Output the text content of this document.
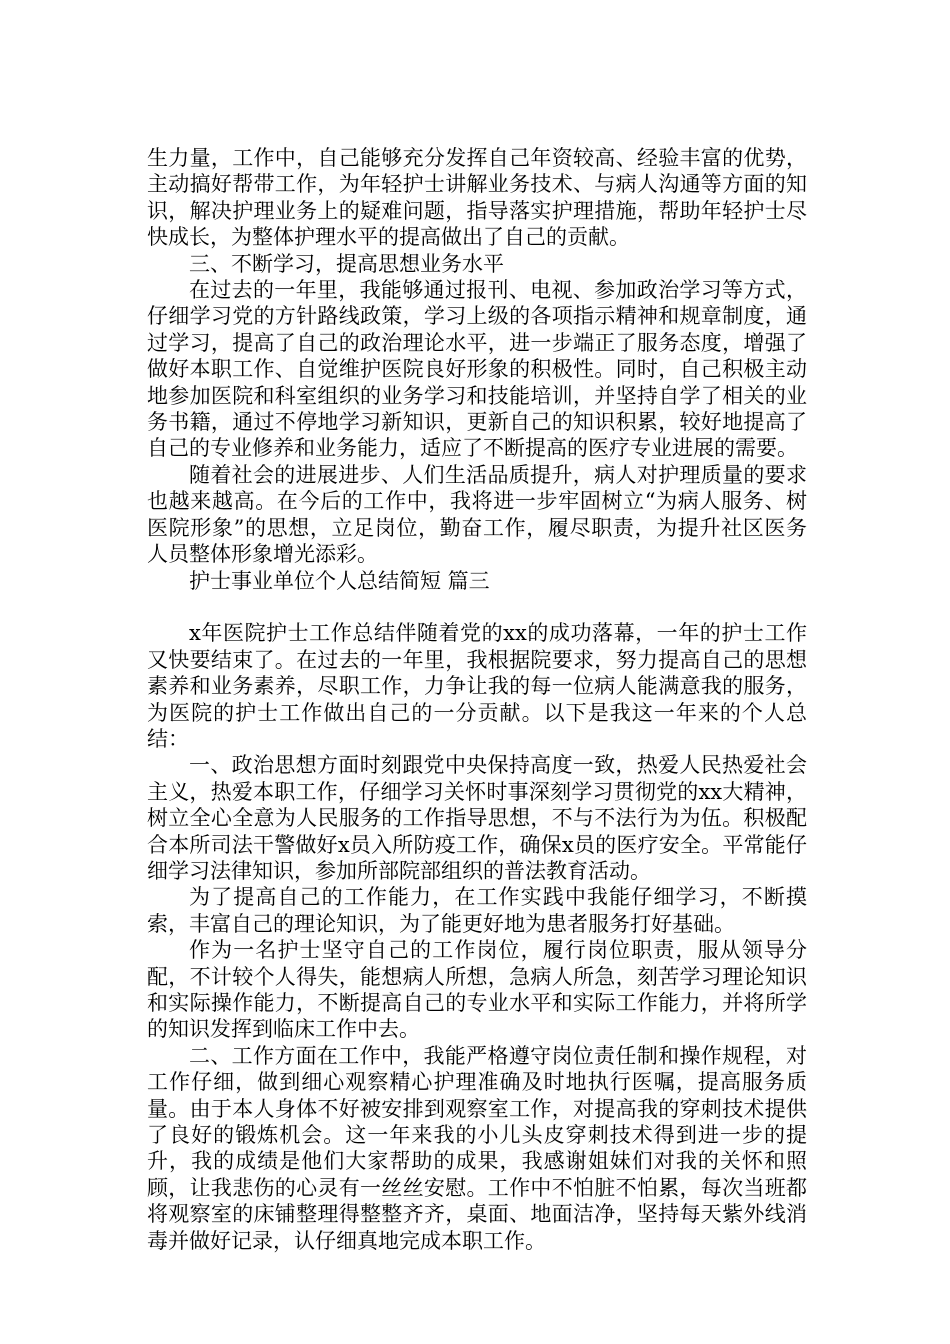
生力量，工作中，自己能够充分发挥自己年资较高、经验丰富的优势，主动搞好帮带工作，为年轻护士讲解业务技术、与病人沟通等方面的知识，解决护理业务上的疑难问题，指导落实护理措施，帮助年轻护士尽快成长，为整体护理水平的提高做出了自己的贡献。

三、不断学习，提高思想业务水平

在过去的一年里，我能够通过报刊、电视、参加政治学习等方式，仔细学习党的方针路线政策，学习上级的各项指示精神和规章制度，通过学习，提高了自己的政治理论水平，进一步端正了服务态度，增强了做好本职工作、自觉维护医院良好形象的积极性。同时，自己积极主动地参加医院和科室组织的业务学习和技能培训，并坚持自学了相关的业务书籍，通过不停地学习新知识，更新自己的知识积累，较好地提高了自己的专业修养和业务能力，适应了不断提高的医疗专业进展的需要。

随着社会的进展进步、人们生活品质提升，病人对护理质量的要求也越来越高。在今后的工作中，我将进一步牢固树立“为病人服务、树医院形象”的思想，立足岗位，勤奋工作，履尽职责，为提升社区医务人员整体形象增光添彩。

护士事业单位个人总结简短 篇三

x年医院护士工作总结伴随着党的xx的成功落幕，一年的护士工作又快要结束了。在过去的一年里，我根据院要求，努力提高自己的思想素养和业务素养，尽职工作，力争让我的每一位病人能满意我的服务，为医院的护士工作做出自己的一分贡献。以下是我这一年来的个人总结：

一、政治思想方面时刻跟党中央保持高度一致，热爱人民热爱社会主义，热爱本职工作，仔细学习关怀时事深刻学习贯彻党的xx大精神，树立全心全意为人民服务的工作指导思想，不与不法行为为伍。积极配合本所司法干警做好x员入所防疫工作，确保x员的医疗安全。平常能仔细学习法律知识，参加所部院部组织的普法教育活动。

为了提高自己的工作能力，在工作实践中我能仔细学习，不断摸索，丰富自己的理论知识，为了能更好地为患者服务打好基础。

作为一名护士坚守自己的工作岗位，履行岗位职责，服从领导分配，不计较个人得失，能想病人所想，急病人所急，刻苦学习理论知识和实际操作能力，不断提高自己的专业水平和实际工作能力，并将所学的知识发挥到临床工作中去。

二、工作方面在工作中，我能严格遵守岗位责任制和操作规程，对工作仔细，做到细心观察精心护理准确及时地执行医嘱，提高服务质量。由于本人身体不好被安排到观察室工作，对提高我的穿刺技术提供了良好的锻炼机会。这一年来我的小儿头皮穿刺技术得到进一步的提升，我的成绩是他们大家帮助的成果，我感谢姐妹们对我的关怀和照顾，让我悲伤的心灵有一丝丝安慰。工作中不怕脏不怕累，每次当班都将观察室的床铺整理得整整齐齐，桌面、地面洁净，坚持每天紫外线消毒并做好记录，认仔细真地完成本职工作。
